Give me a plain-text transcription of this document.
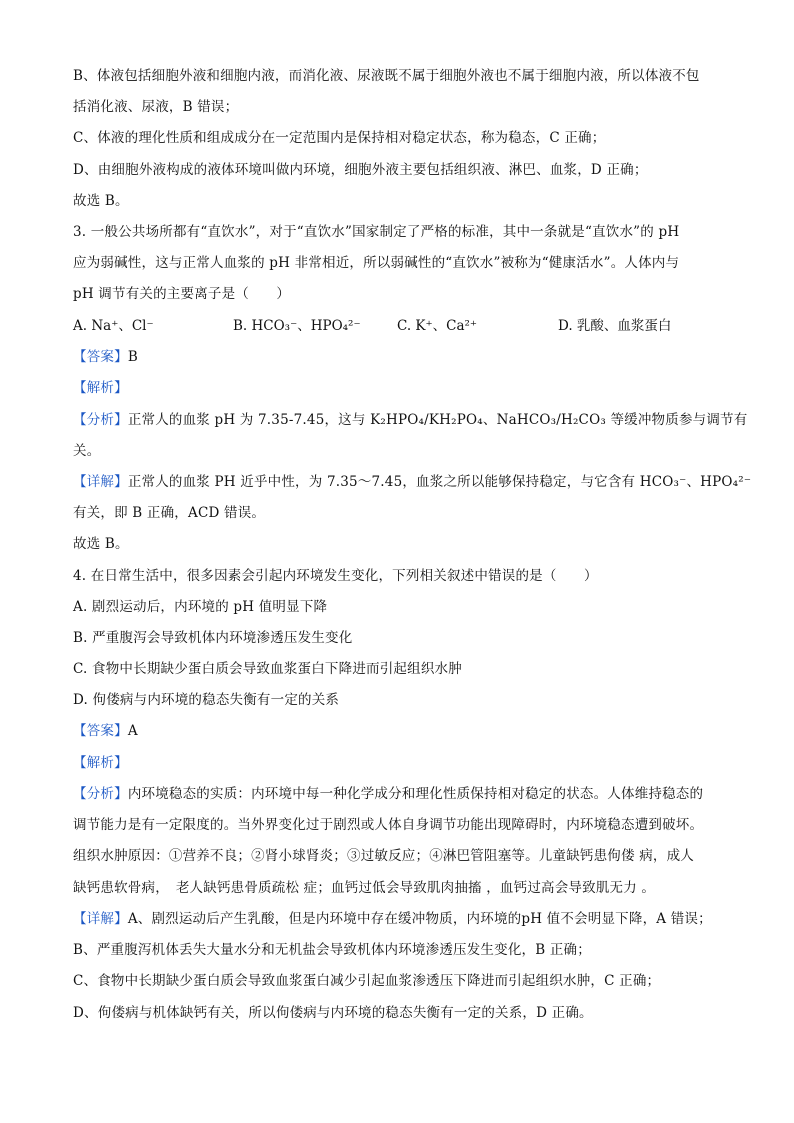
B、体液包括细胞外液和细胞内液，而消化液、尿液既不属于细胞外液也不属于细胞内液，所以体液不包
括消化液、尿液，B 错误；
C、体液的理化性质和组成成分在一定范围内是保持相对稳定状态，称为稳态，C 正确；
D、由细胞外液构成的液体环境叫做内环境，细胞外液主要包括组织液、淋巴、血浆，D 正确；
故选 B。
3. 一般公共场所都有“直饮水”，对于“直饮水”国家制定了严格的标准，其中一条就是“直饮水”的 pH
应为弱碱性，这与正常人血浆的 pH 非常相近，所以弱碱性的“直饮水”被称为“健康活水”。人体内与
pH 调节有关的主要离子是（　　）
A. Na⁺、Cl⁻	B. HCO₃⁻、HPO₄²⁻	C. K⁺、Ca²⁺	D. 乳酸、血浆蛋白
【答案】B
【解析】
【分析】正常人的血浆 pH 为 7.35-7.45，这与 K₂HPO₄/KH₂PO₄、NaHCO₃/H₂CO₃ 等缓冲物质参与调节有
关。
【详解】正常人的血浆 PH 近乎中性，为 7.35～7.45，血浆之所以能够保持稳定，与它含有 HCO₃⁻、HPO₄²⁻
有关，即 B 正确，ACD 错误。
故选 B。
4. 在日常生活中，很多因素会引起内环境发生变化，下列相关叙述中错误的是（　　）
A. 剧烈运动后，内环境的 pH 值明显下降
B. 严重腹泻会导致机体内环境渗透压发生变化
C. 食物中长期缺少蛋白质会导致血浆蛋白下降进而引起组织水肿
D. 佝偻病与内环境的稳态失衡有一定的关系
【答案】A
【解析】
【分析】内环境稳态的实质：内环境中每一种化学成分和理化性质保持相对稳定的状态。人体维持稳态的
调节能力是有一定限度的。当外界变化过于剧烈或人体自身调节功能出现障碍时，内环境稳态遭到破坏。
组织水肿原因：①营养不良；②肾小球肾炎；③过敏反应；④淋巴管阻塞等。儿童缺钙患佝偻 病，成人
缺钙患软骨病，　老人缺钙患骨质疏松 症；血钙过低会导致肌肉抽搐 ，血钙过高会导致肌无力 。
【详解】A、剧烈运动后产生乳酸，但是内环境中存在缓冲物质，内环境的pH 值不会明显下降，A 错误；
B、严重腹泻机体丢失大量水分和无机盐会导致机体内环境渗透压发生变化，B 正确；
C、食物中长期缺少蛋白质会导致血浆蛋白减少引起血浆渗透压下降进而引起组织水肿，C 正确；
D、佝偻病与机体缺钙有关，所以佝偻病与内环境的稳态失衡有一定的关系，D 正确。
